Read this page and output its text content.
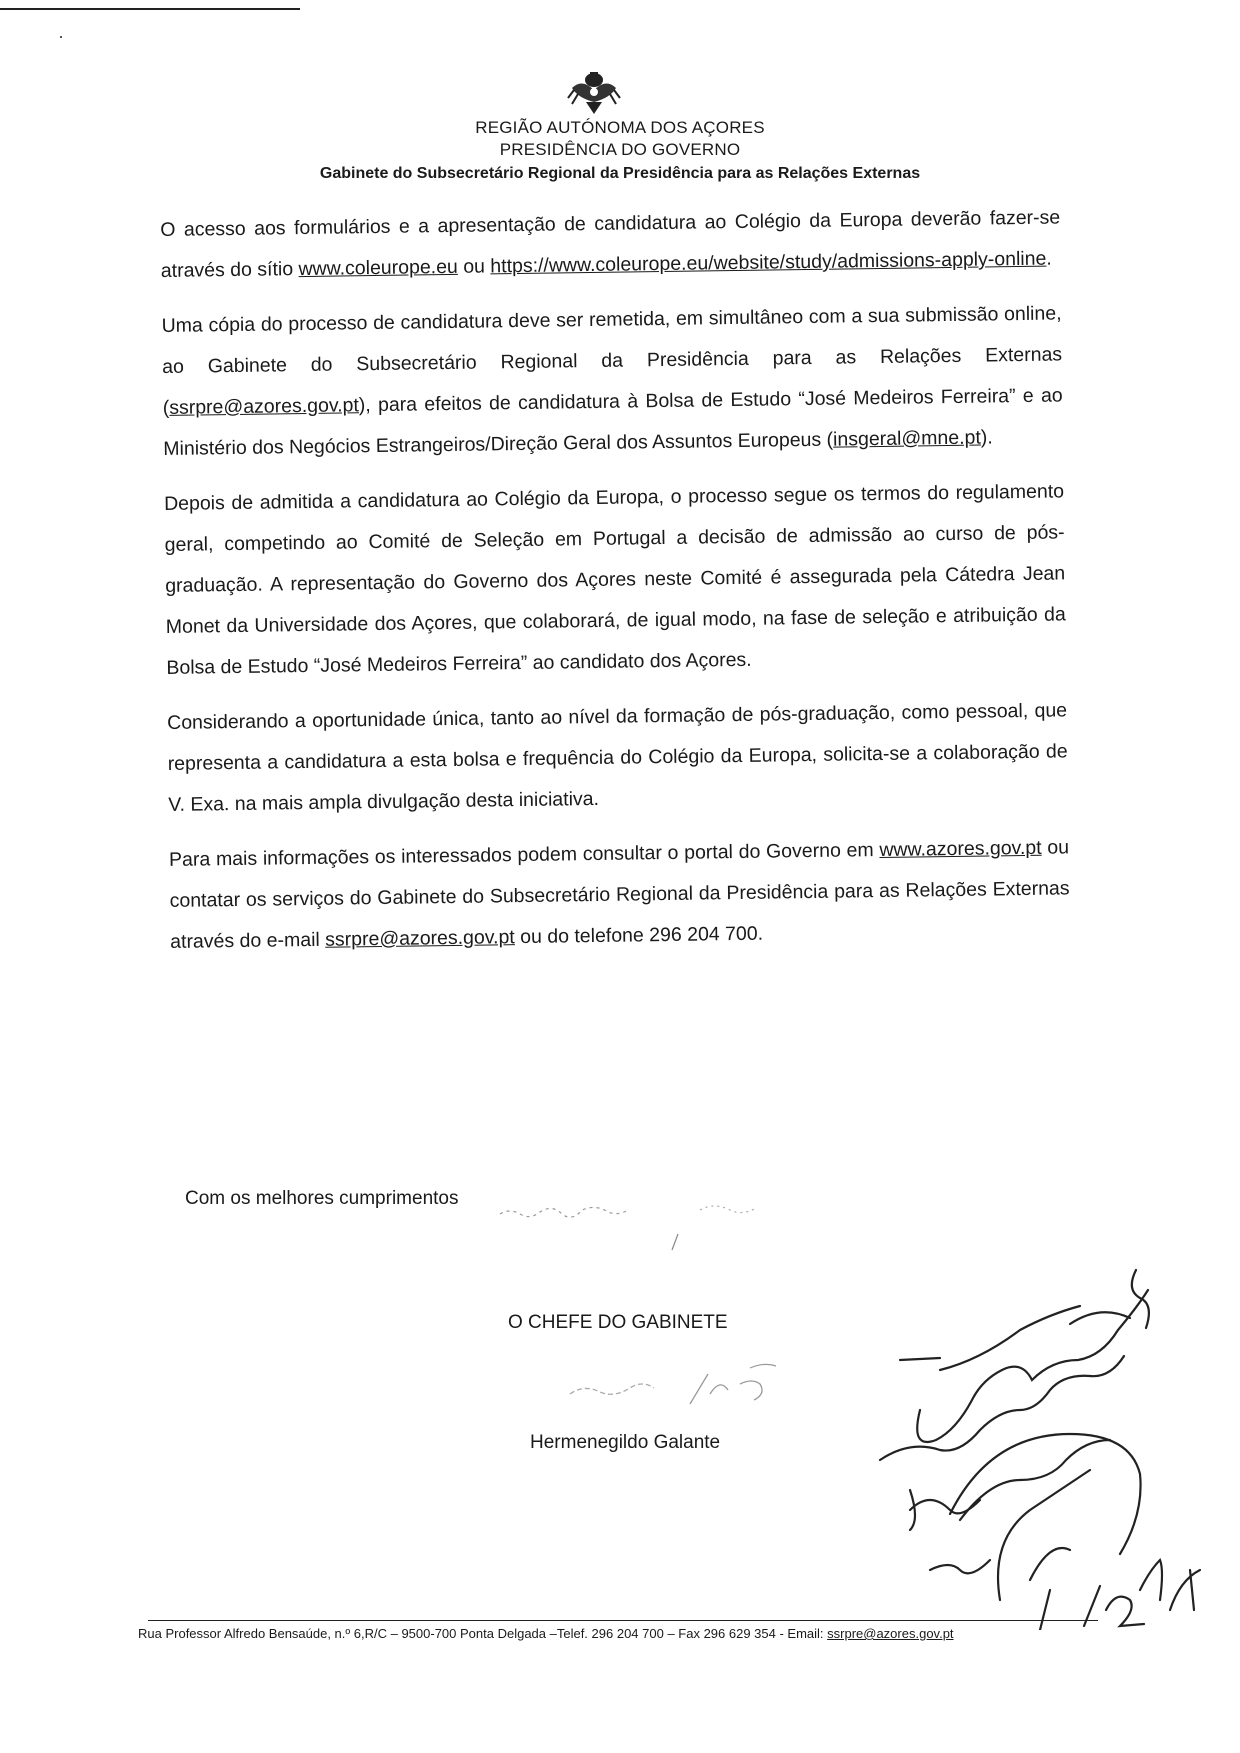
REGIÃO AUTÓNOMA DOS AÇORES
PRESIDÊNCIA DO GOVERNO
Gabinete do Subsecretário Regional da Presidência para as Relações Externas

O acesso aos formulários e a apresentação de candidatura ao Colégio da Europa deverão fazer-se através do sítio www.coleurope.eu ou https://www.coleurope.eu/website/study/admissions-apply-online.

Uma cópia do processo de candidatura deve ser remetida, em simultâneo com a sua submissão online, ao Gabinete do Subsecretário Regional da Presidência para as Relações Externas (ssrpre@azores.gov.pt), para efeitos de candidatura à Bolsa de Estudo “José Medeiros Ferreira” e ao Ministério dos Negócios Estrangeiros/Direção Geral dos Assuntos Europeus (insgeral@mne.pt).

Depois de admitida a candidatura ao Colégio da Europa, o processo segue os termos do regulamento geral, competindo ao Comité de Seleção em Portugal a decisão de admissão ao curso de pós-graduação. A representação do Governo dos Açores neste Comité é assegurada pela Cátedra Jean Monet da Universidade dos Açores, que colaborará, de igual modo, na fase de seleção e atribuição da Bolsa de Estudo “José Medeiros Ferreira” ao candidato dos Açores.

Considerando a oportunidade única, tanto ao nível da formação de pós-graduação, como pessoal, que representa a candidatura a esta bolsa e frequência do Colégio da Europa, solicita-se a colaboração de V. Exa. na mais ampla divulgação desta iniciativa.

Para mais informações os interessados podem consultar o portal do Governo em www.azores.gov.pt ou contatar os serviços do Gabinete do Subsecretário Regional da Presidência para as Relações Externas através do e-mail ssrpre@azores.gov.pt ou do telefone 296 204 700.

Com os melhores cumprimentos
O CHEFE DO GABINETE
Hermenegildo Galante
Rua Professor Alfredo Bensaúde, n.º 6,R/C – 9500-700 Ponta Delgada –Telef. 296 204 700 – Fax 296 629 354 - Email: ssrpre@azores.gov.pt
